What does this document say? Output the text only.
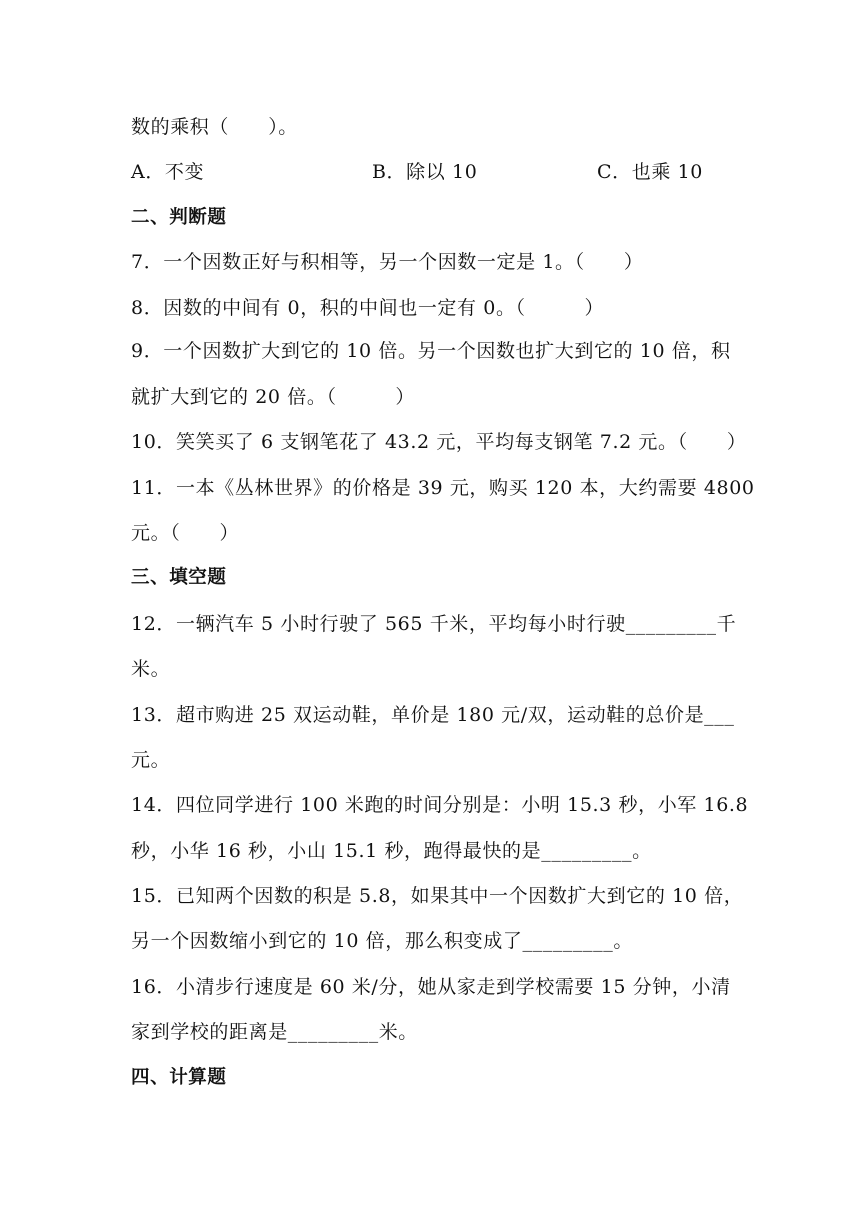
数的乘积（　　）。
A．不变	B．除以 10	C．也乘 10
二、判断题
7．一个因数正好与积相等，另一个因数一定是 1。（　　）
8．因数的中间有 0，积的中间也一定有 0。（　　　）
9．一个因数扩大到它的 10 倍。另一个因数也扩大到它的 10 倍，积
就扩大到它的 20 倍。（　　　）
10．笑笑买了 6 支钢笔花了 43.2 元，平均每支钢笔 7.2 元。（　　）
11．一本《丛林世界》的价格是 39 元，购买 120 本，大约需要 4800
元。（　　）
三、填空题
12．一辆汽车 5 小时行驶了 565 千米，平均每小时行驶_________千
米。
13．超市购进 25 双运动鞋，单价是 180 元/双，运动鞋的总价是___
元。
14．四位同学进行 100 米跑的时间分别是：小明 15.3 秒，小军 16.8
秒，小华 16 秒，小山 15.1 秒，跑得最快的是_________。
15．已知两个因数的积是 5.8，如果其中一个因数扩大到它的 10 倍，
另一个因数缩小到它的 10 倍，那么积变成了_________。
16．小清步行速度是 60 米/分，她从家走到学校需要 15 分钟，小清
家到学校的距离是_________米。
四、计算题
